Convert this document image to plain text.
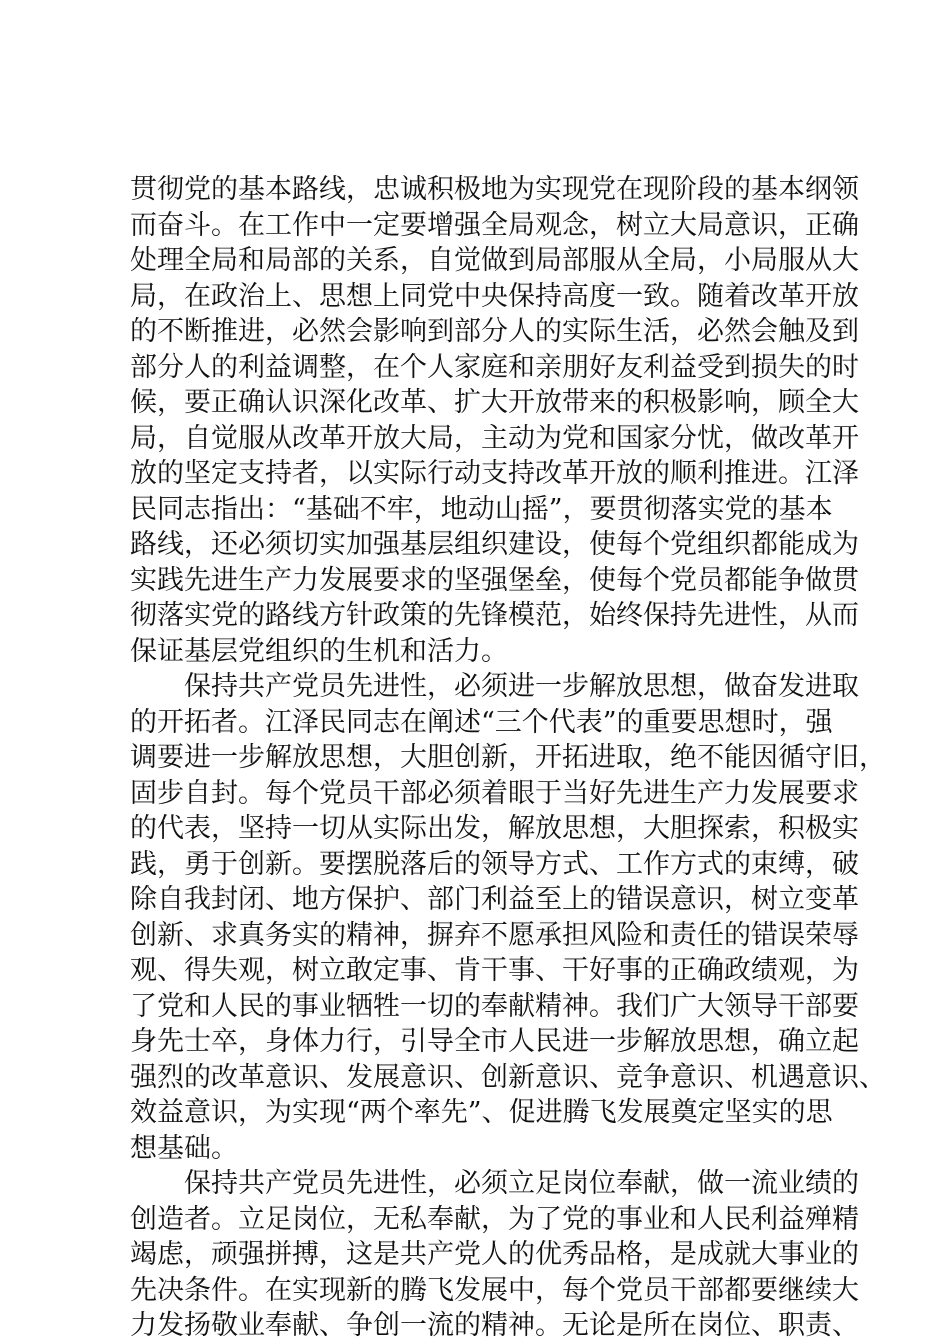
贯彻党的基本路线，忠诚积极地为实现党在现阶段的基本纲领
而奋斗。在工作中一定要增强全局观念，树立大局意识，正确
处理全局和局部的关系，自觉做到局部服从全局，小局服从大
局，在政治上、思想上同党中央保持高度一致。随着改革开放
的不断推进，必然会影响到部分人的实际生活，必然会触及到
部分人的利益调整，在个人家庭和亲朋好友利益受到损失的时
候，要正确认识深化改革、扩大开放带来的积极影响，顾全大
局，自觉服从改革开放大局，主动为党和国家分忧，做改革开
放的坚定支持者，以实际行动支持改革开放的顺利推进。江泽
民同志指出：“基础不牢，地动山摇”，要贯彻落实党的基本
路线，还必须切实加强基层组织建设，使每个党组织都能成为
实践先进生产力发展要求的坚强堡垒，使每个党员都能争做贯
彻落实党的路线方针政策的先锋模范，始终保持先进性，从而
保证基层党组织的生机和活力。
保持共产党员先进性，必须进一步解放思想，做奋发进取
的开拓者。江泽民同志在阐述“三个代表”的重要思想时，强
调要进一步解放思想，大胆创新，开拓进取，绝不能因循守旧，
固步自封。每个党员干部必须着眼于当好先进生产力发展要求
的代表，坚持一切从实际出发，解放思想，大胆探索，积极实
践，勇于创新。要摆脱落后的领导方式、工作方式的束缚，破
除自我封闭、地方保护、部门利益至上的错误意识，树立变革
创新、求真务实的精神，摒弃不愿承担风险和责任的错误荣辱
观、得失观，树立敢定事、肯干事、干好事的正确政绩观，为
了党和人民的事业牺牲一切的奉献精神。我们广大领导干部要
身先士卒，身体力行，引导全市人民进一步解放思想，确立起
强烈的改革意识、发展意识、创新意识、竞争意识、机遇意识、
效益意识，为实现“两个率先”、促进腾飞发展奠定坚实的思
想基础。
保持共产党员先进性，必须立足岗位奉献，做一流业绩的
创造者。立足岗位，无私奉献，为了党的事业和人民利益殚精
竭虑，顽强拼搏，这是共产党人的优秀品格，是成就大事业的
先决条件。在实现新的腾飞发展中，每个党员干部都要继续大
力发扬敬业奉献、争创一流的精神。无论是所在岗位、职责、
